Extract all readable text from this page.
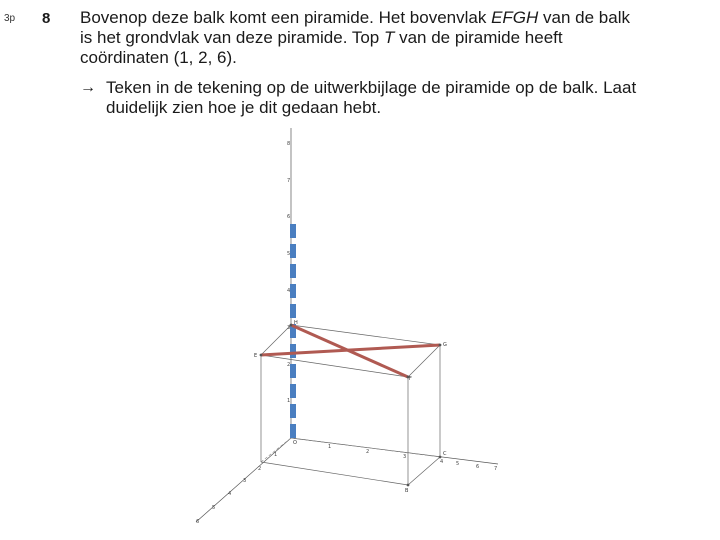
3p 8 Bovenop deze balk komt een piramide. Het bovenvlak EFGH van de balk

is het grondvlak van deze piramide. Top T van de piramide heeft

coördinaten (1, 2, 6).

→ Teken in de tekening op de uitwerkbijlage de piramide op de balk. Laat
duidelijk zien hoe je dit gedaan hebt.
E
F
G
H
C
B
O
1
2
3
4
5
6
7
8
1
2
3
4	5	6	7
1
2
3
4
5
6
